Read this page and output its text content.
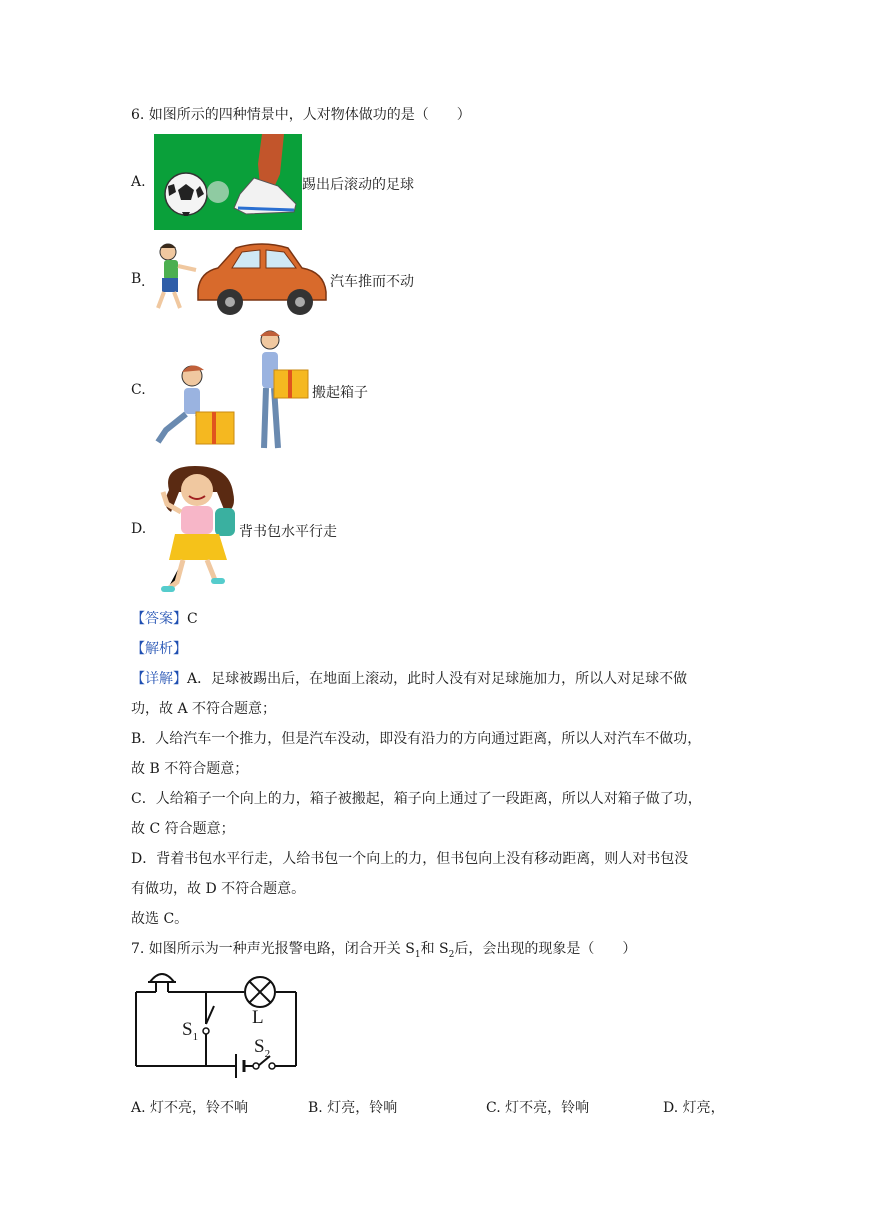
6. 如图所示的四种情景中，人对物体做功的是（　　）
A.	踢出后滚动的足球
B ·	汽车推而不动
C.	搬起箱子
D.	背书包水平行走
【答案】C
【解析】
【详解】A．足球被踢出后，在地面上滚动，此时人没有对足球施加力，所以人对足球不做
功，故 A 不符合题意；
B．人给汽车一个推力，但是汽车没动，即没有沿力的方向通过距离，所以人对汽车不做功，
故 B 不符合题意；
C．人给箱子一个向上的力，箱子被搬起，箱子向上通过了一段距离，所以人对箱子做了功，
故 C 符合题意；
D．背着书包水平行走，人给书包一个向上的力，但书包向上没有移动距离，则人对书包没
有做功，故 D 不符合题意。
故选 C。
7. 如图所示为一种声光报警电路，闭合开关 $S_1$和 $S_2$后，会出现的现象是（　　）
L
$S_1$	$S_2$
A. 灯不亮，铃不响	B. 灯亮，铃响	C. 灯不亮，铃响	D. 灯亮，
